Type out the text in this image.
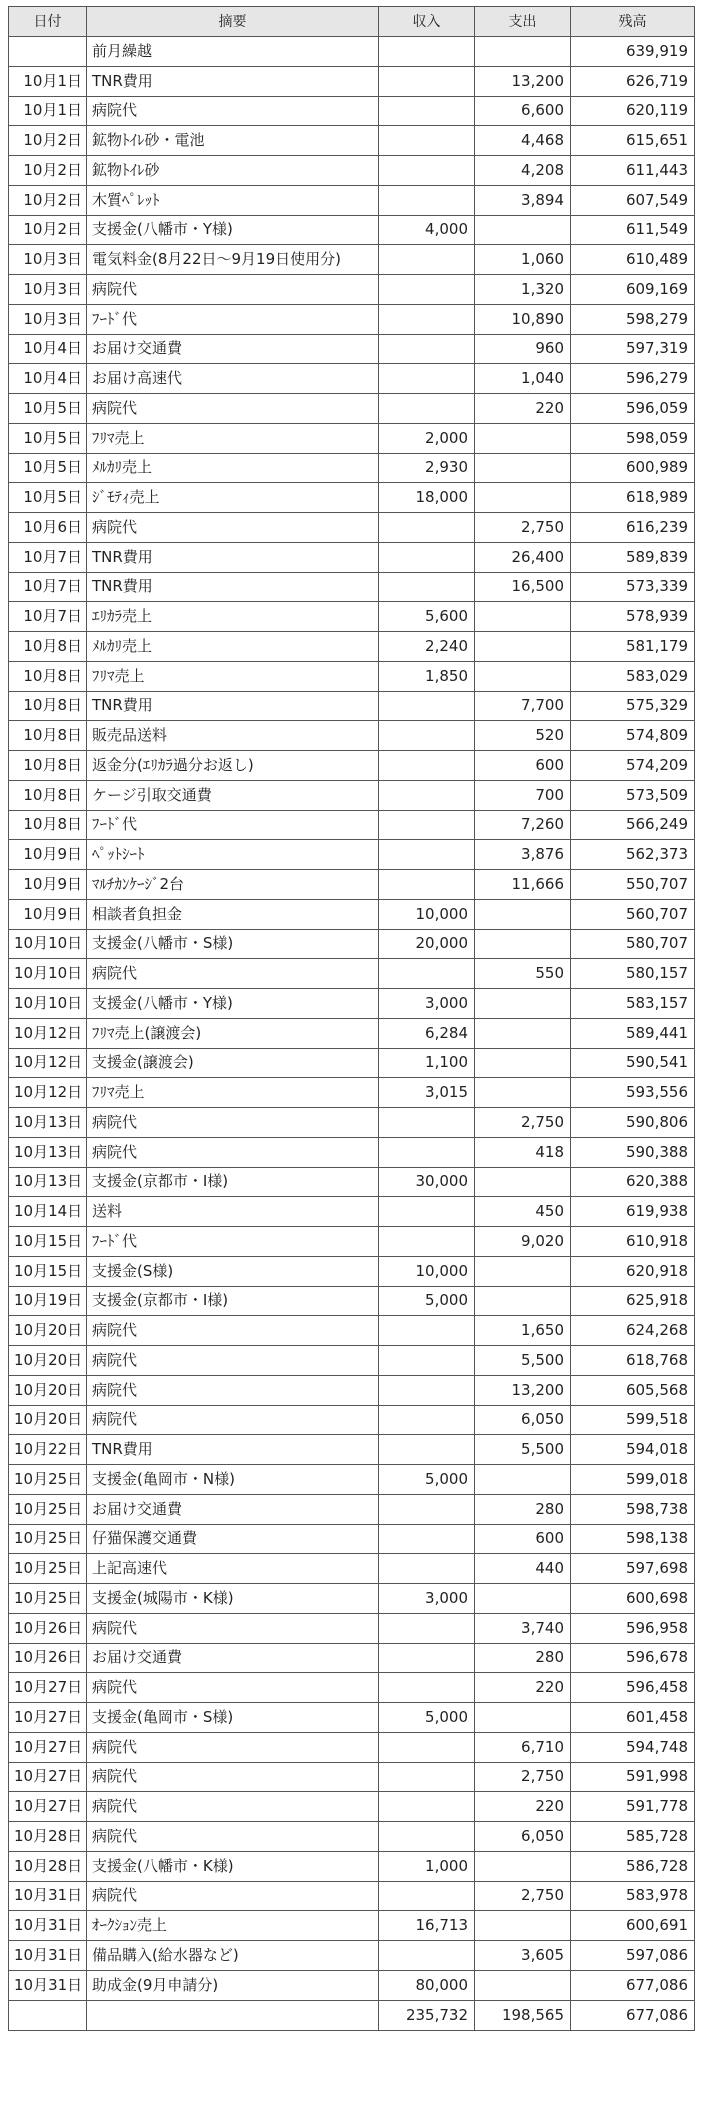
日付	摘要	収入	支出	残高
	前月繰越			639,919
10月1日	TNR費用		13,200	626,719
10月1日	病院代		6,600	620,119
10月2日	鉱物ﾄｲﾚ砂・電池		4,468	615,651
10月2日	鉱物ﾄｲﾚ砂		4,208	611,443
10月2日	木質ﾍﾟﾚｯﾄ		3,894	607,549
10月2日	支援金(八幡市・Y様)	4,000		611,549
10月3日	電気料金(8月22日～9月19日使用分)		1,060	610,489
10月3日	病院代		1,320	609,169
10月3日	ﾌｰﾄﾞ代		10,890	598,279
10月4日	お届け交通費		960	597,319
10月4日	お届け高速代		1,040	596,279
10月5日	病院代		220	596,059
10月5日	ﾌﾘﾏ売上	2,000		598,059
10月5日	ﾒﾙｶﾘ売上	2,930		600,989
10月5日	ｼﾞﾓﾃｨ売上	18,000		618,989
10月6日	病院代		2,750	616,239
10月7日	TNR費用		26,400	589,839
10月7日	TNR費用		16,500	573,339
10月7日	ｴﾘｶﾗ売上	5,600		578,939
10月8日	ﾒﾙｶﾘ売上	2,240		581,179
10月8日	ﾌﾘﾏ売上	1,850		583,029
10月8日	TNR費用		7,700	575,329
10月8日	販売品送料		520	574,809
10月8日	返金分(ｴﾘｶﾗ過分お返し)		600	574,209
10月8日	ケージ引取交通費		700	573,509
10月8日	ﾌｰﾄﾞ代		7,260	566,249
10月9日	ﾍﾟｯﾄｼｰﾄ		3,876	562,373
10月9日	ﾏﾙﾁｶﾝｹｰｼﾞ2台		11,666	550,707
10月9日	相談者負担金	10,000		560,707
10月10日	支援金(八幡市・S様)	20,000		580,707
10月10日	病院代		550	580,157
10月10日	支援金(八幡市・Y様)	3,000		583,157
10月12日	ﾌﾘﾏ売上(譲渡会)	6,284		589,441
10月12日	支援金(譲渡会)	1,100		590,541
10月12日	ﾌﾘﾏ売上	3,015		593,556
10月13日	病院代		2,750	590,806
10月13日	病院代		418	590,388
10月13日	支援金(京都市・I様)	30,000		620,388
10月14日	送料		450	619,938
10月15日	ﾌｰﾄﾞ代		9,020	610,918
10月15日	支援金(S様)	10,000		620,918
10月19日	支援金(京都市・I様)	5,000		625,918
10月20日	病院代		1,650	624,268
10月20日	病院代		5,500	618,768
10月20日	病院代		13,200	605,568
10月20日	病院代		6,050	599,518
10月22日	TNR費用		5,500	594,018
10月25日	支援金(亀岡市・N様)	5,000		599,018
10月25日	お届け交通費		280	598,738
10月25日	仔猫保護交通費		600	598,138
10月25日	上記高速代		440	597,698
10月25日	支援金(城陽市・K様)	3,000		600,698
10月26日	病院代		3,740	596,958
10月26日	お届け交通費		280	596,678
10月27日	病院代		220	596,458
10月27日	支援金(亀岡市・S様)	5,000		601,458
10月27日	病院代		6,710	594,748
10月27日	病院代		2,750	591,998
10月27日	病院代		220	591,778
10月28日	病院代		6,050	585,728
10月28日	支援金(八幡市・K様)	1,000		586,728
10月31日	病院代		2,750	583,978
10月31日	ｵｰｸｼｮﾝ売上	16,713		600,691
10月31日	備品購入(給水器など)		3,605	597,086
10月31日	助成金(9月申請分)	80,000		677,086
		235,732	198,565	677,086
